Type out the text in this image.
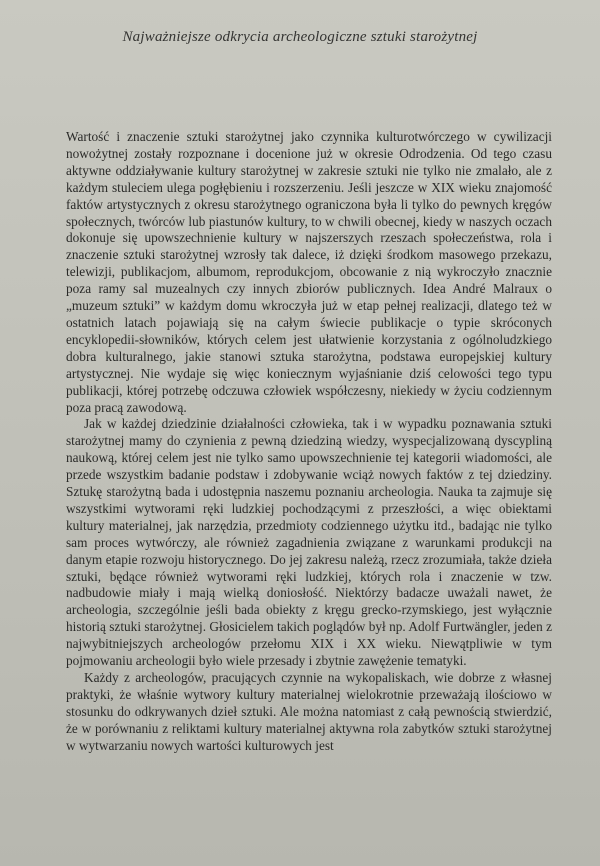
Najważniejsze odkrycia archeologiczne sztuki starożytnej

Wartość i znaczenie sztuki starożytnej jako czynnika kulturotwórczego w cywilizacji nowożytnej zostały rozpoznane i docenione już w okresie Odrodzenia. Od tego czasu aktywne oddziaływanie kultury starożytnej w zakresie sztuki nie tylko nie zmalało, ale z każdym stuleciem ulega pogłębieniu i rozszerzeniu. Jeśli jeszcze w XIX wieku znajomość faktów artystycznych z okresu starożytnego ograniczona była li tylko do pewnych kręgów społecznych, twórców lub piastunów kultury, to w chwili obecnej, kiedy w naszych oczach dokonuje się upowszechnienie kultury w najszerszych rzeszach społeczeństwa, rola i znaczenie sztuki starożytnej wzrosły tak dalece, iż dzięki środkom masowego przekazu, telewizji, publikacjom, albumom, reprodukcjom, obcowanie z nią wykroczyło znacznie poza ramy sal muzealnych czy innych zbiorów publicznych. Idea André Malraux o „muzeum sztuki” w każdym domu wkroczyła już w etap pełnej realizacji, dlatego też w ostatnich latach pojawiają się na całym świecie publikacje o typie skróconych encyklopedii-słowników, których celem jest ułatwienie korzystania z ogólnoludzkiego dobra kulturalnego, jakie stanowi sztuka starożytna, podstawa europejskiej kultury artystycznej. Nie wydaje się więc koniecznym wyjaśnianie dziś celowości tego typu publikacji, której potrzebę odczuwa człowiek współczesny, niekiedy w życiu codziennym poza pracą zawodową.

Jak w każdej dziedzinie działalności człowieka, tak i w wypadku poznawania sztuki starożytnej mamy do czynienia z pewną dziedziną wiedzy, wyspecjalizowaną dyscypliną naukową, której celem jest nie tylko samo upowszechnienie tej kategorii wiadomości, ale przede wszystkim badanie podstaw i zdobywanie wciąż nowych faktów z tej dziedziny. Sztukę starożytną bada i udostępnia naszemu poznaniu archeologia. Nauka ta zajmuje się wszystkimi wytworami ręki ludzkiej pochodzącymi z przeszłości, a więc obiektami kultury materialnej, jak narzędzia, przedmioty codziennego użytku itd., badając nie tylko sam proces wytwórczy, ale również zagadnienia związane z warunkami produkcji na danym etapie rozwoju historycznego. Do jej zakresu należą, rzecz zrozumiała, także dzieła sztuki, będące również wytworami ręki ludzkiej, których rola i znaczenie w tzw. nadbudowie miały i mają wielką doniosłość. Niektórzy badacze uważali nawet, że archeologia, szczególnie jeśli bada obiekty z kręgu grecko-rzymskiego, jest wyłącznie historią sztuki starożytnej. Głosicielem takich poglądów był np. Adolf Furtwängler, jeden z najwybitniejszych archeologów przełomu XIX i XX wieku. Niewątpliwie w tym pojmowaniu archeologii było wiele przesady i zbytnie zawężenie tematyki.

Każdy z archeologów, pracujących czynnie na wykopaliskach, wie dobrze z własnej praktyki, że właśnie wytwory kultury materialnej wielokrotnie przeważają ilościowo w stosunku do odkrywanych dzieł sztuki. Ale można natomiast z całą pewnością stwierdzić, że w porównaniu z reliktami kultury materialnej aktywna rola zabytków sztuki starożytnej w wytwarzaniu nowych wartości kulturowych jest
